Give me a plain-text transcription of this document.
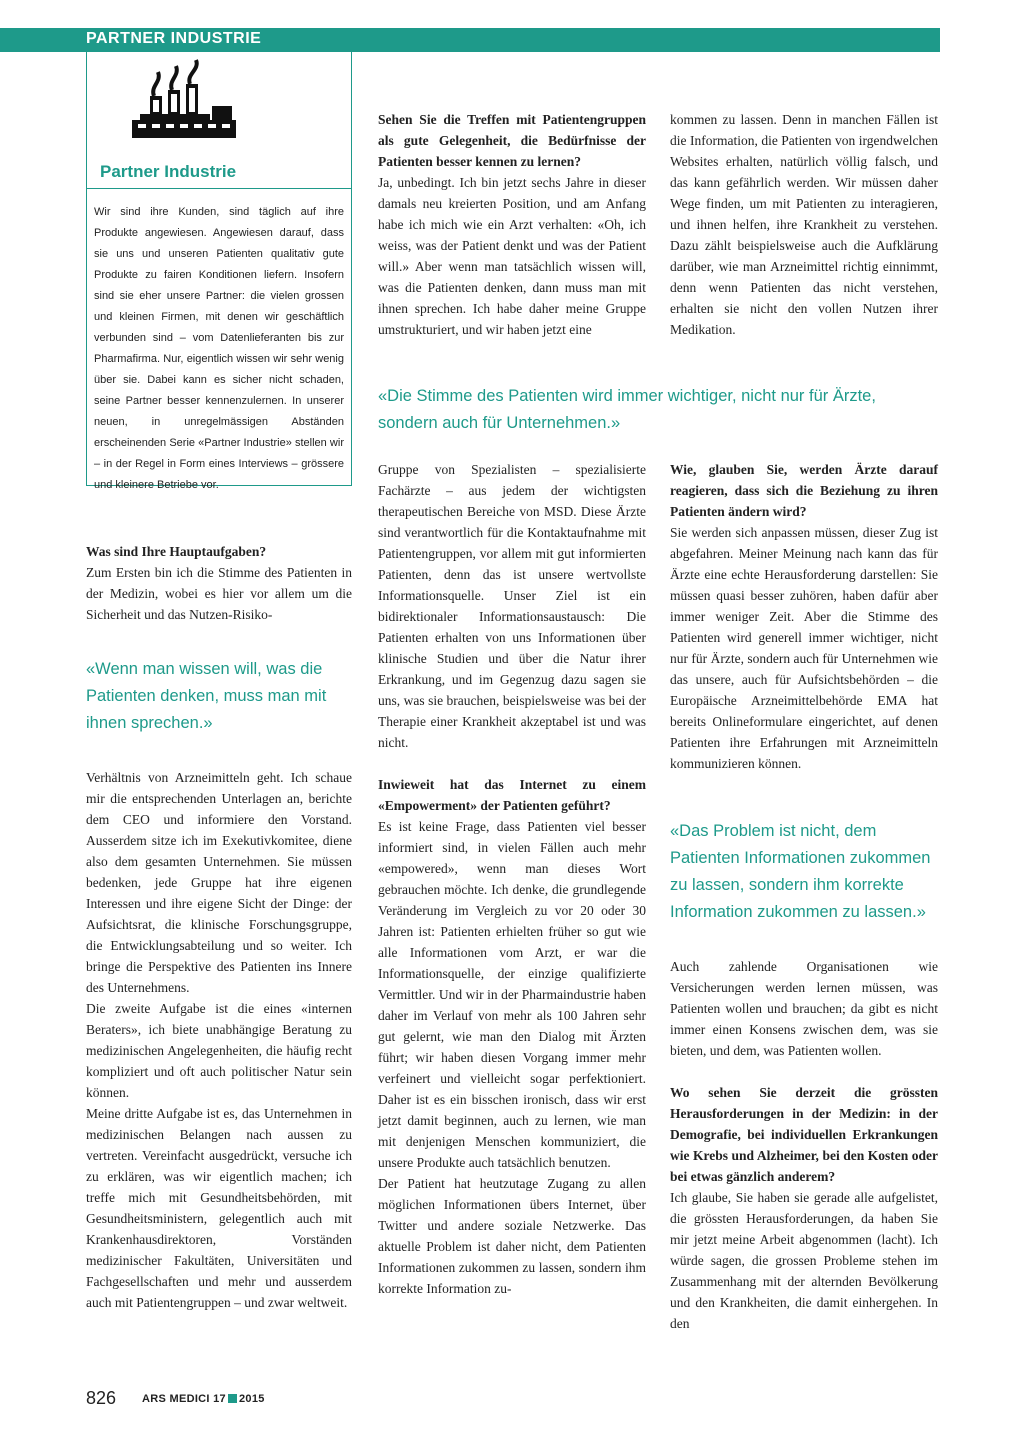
PARTNER INDUSTRIE
Partner Industrie
Wir sind ihre Kunden, sind täglich auf ihre Produkte angewiesen. Angewiesen darauf, dass sie uns und unseren Patienten qualitativ gute Produkte zu fairen Konditionen liefern. Insofern sind sie eher unsere Partner: die vielen grossen und kleinen Firmen, mit denen wir geschäftlich verbunden sind – vom Datenlieferanten bis zur Pharmafirma. Nur, eigentlich wissen wir sehr wenig über sie. Dabei kann es sicher nicht schaden, seine Partner besser kennenzulernen. In unserer neuen, in unregelmässigen Abständen erscheinenden Serie «Partner Industrie» stellen wir – in der Regel in Form eines Interviews – grössere und kleinere Betriebe vor.

Was sind Ihre Hauptaufgaben?

Zum Ersten bin ich die Stimme des Patienten in der Medizin, wobei es hier vor allem um die Sicherheit und das Nutzen-Risiko-

«Wenn man wissen will, was die Patienten denken, muss man mit ihnen sprechen.»

Verhältnis von Arzneimitteln geht. Ich schaue mir die entsprechenden Unterlagen an, berichte dem CEO und informiere den Vorstand. Ausserdem sitze ich im Exekutivkomitee, diene also dem gesamten Unternehmen. Sie müssen bedenken, jede Gruppe hat ihre eigenen Interessen und ihre eigene Sicht der Dinge: der Aufsichtsrat, die klinische Forschungsgruppe, die Entwicklungsabteilung und so weiter. Ich bringe die Perspektive des Patienten ins Innere des Unternehmens.

Die zweite Aufgabe ist die eines «internen Beraters», ich biete unabhängige Beratung zu medizinischen Angelegenheiten, die häufig recht kompliziert und oft auch politischer Natur sein können.

Meine dritte Aufgabe ist es, das Unternehmen in medizinischen Belangen nach aussen zu vertreten. Vereinfacht ausgedrückt, versuche ich zu erklären, was wir eigentlich machen; ich treffe mich mit Gesundheitsbehörden, mit Gesundheitsministern, gelegentlich auch mit Krankenhausdirektoren, Vorständen medizinischer Fakultäten, Universitäten und Fachgesellschaften und mehr und ausserdem auch mit Patientengruppen – und zwar weltweit.

Sehen Sie die Treffen mit Patientengruppen als gute Gelegenheit, die Bedürfnisse der Patienten besser kennen zu lernen?

Ja, unbedingt. Ich bin jetzt sechs Jahre in dieser damals neu kreierten Position, und am Anfang habe ich mich wie ein Arzt verhalten: «Oh, ich weiss, was der Patient denkt und was der Patient will.» Aber wenn man tatsächlich wissen will, was die Patienten denken, dann muss man mit ihnen sprechen. Ich habe daher meine Gruppe umstrukturiert, und wir haben jetzt eine

kommen zu lassen. Denn in manchen Fällen ist die Information, die Patienten von irgendwelchen Websites erhalten, natürlich völlig falsch, und das kann gefährlich werden. Wir müssen daher Wege finden, um mit Patienten zu interagieren, und ihnen helfen, ihre Krankheit zu verstehen. Dazu zählt beispielsweise auch die Aufklärung darüber, wie man Arzneimittel richtig einnimmt, denn wenn Patienten das nicht verstehen, erhalten sie nicht den vollen Nutzen ihrer Medikation.

«Die Stimme des Patienten wird immer wichtiger, nicht nur für Ärzte, sondern auch für Unternehmen.»

Gruppe von Spezialisten – spezialisierte Fachärzte – aus jedem der wichtigsten therapeutischen Bereiche von MSD. Diese Ärzte sind verantwortlich für die Kontaktaufnahme mit Patientengruppen, vor allem mit gut informierten Patienten, denn das ist unsere wertvollste Informationsquelle. Unser Ziel ist ein bidirektionaler Informationsaustausch: Die Patienten erhalten von uns Informationen über klinische Studien und über die Natur ihrer Erkrankung, und im Gegenzug dazu sagen sie uns, was sie brauchen, beispielsweise was bei der Therapie einer Krankheit akzeptabel ist und was nicht.

Inwieweit hat das Internet zu einem «Empowerment» der Patienten geführt?

Es ist keine Frage, dass Patienten viel besser informiert sind, in vielen Fällen auch mehr «empowered», wenn man dieses Wort gebrauchen möchte. Ich denke, die grundlegende Veränderung im Vergleich zu vor 20 oder 30 Jahren ist: Patienten erhielten früher so gut wie alle Informationen vom Arzt, er war die Informationsquelle, der einzige qualifizierte Vermittler. Und wir in der Pharmaindustrie haben daher im Verlauf von mehr als 100 Jahren sehr gut gelernt, wie man den Dialog mit Ärzten führt; wir haben diesen Vorgang immer mehr verfeinert und vielleicht sogar perfektioniert. Daher ist es ein bisschen ironisch, dass wir erst jetzt damit beginnen, auch zu lernen, wie man mit denjenigen Menschen kommuniziert, die unsere Produkte auch tatsächlich benutzen.

Der Patient hat heutzutage Zugang zu allen möglichen Informationen übers Internet, über Twitter und andere soziale Netzwerke. Das aktuelle Problem ist daher nicht, dem Patienten Informationen zukommen zu lassen, sondern ihm korrekte Information zu-

Wie, glauben Sie, werden Ärzte darauf reagieren, dass sich die Beziehung zu ihren Patienten ändern wird?

Sie werden sich anpassen müssen, dieser Zug ist abgefahren. Meiner Meinung nach kann das für Ärzte eine echte Herausforderung darstellen: Sie müssen quasi besser zuhören, haben dafür aber immer weniger Zeit. Aber die Stimme des Patienten wird generell immer wichtiger, nicht nur für Ärzte, sondern auch für Unternehmen wie das unsere, auch für Aufsichtsbehörden – die Europäische Arzneimittelbehörde EMA hat bereits Onlineformulare eingerichtet, auf denen Patienten ihre Erfahrungen mit Arzneimitteln kommunizieren können.

«Das Problem ist nicht, dem Patienten Informationen zukommen zu lassen, sondern ihm korrekte Information zukommen zu lassen.»

Auch zahlende Organisationen wie Versicherungen werden lernen müssen, was Patienten wollen und brauchen; da gibt es nicht immer einen Konsens zwischen dem, was sie bieten, und dem, was Patienten wollen.

Wo sehen Sie derzeit die grössten Herausforderungen in der Medizin: in der Demografie, bei individuellen Erkrankungen wie Krebs und Alzheimer, bei den Kosten oder bei etwas gänzlich anderem?

Ich glaube, Sie haben sie gerade alle aufgelistet, die grössten Herausforderungen, da haben Sie mir jetzt meine Arbeit abgenommen (lacht). Ich würde sagen, die grossen Probleme stehen im Zusammenhang mit der alternden Bevölkerung und den Krankheiten, die damit einhergehen. In den

826 ARS MEDICI 17 2015
